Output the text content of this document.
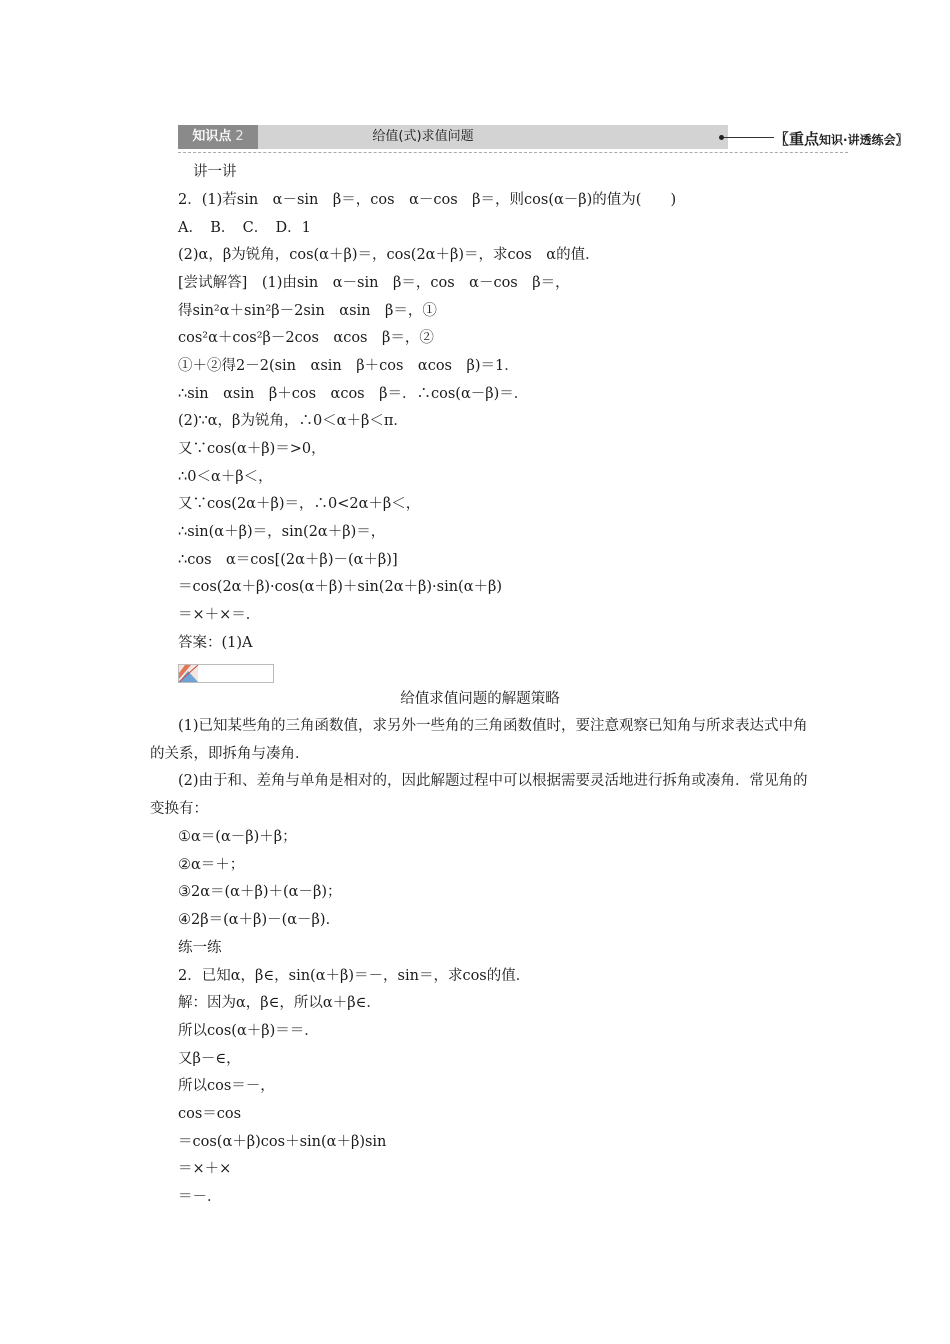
知识点 2	给值(式)求值问题	〖重点知识·讲透练会〗
讲一讲
2．(1)若sin　α－sin　β＝，cos　α－cos　β＝，则cos(α－β)的值为(　　)
A．　B．　C．　D．1
(2)α，β为锐角，cos(α＋β)＝，cos(2α＋β)＝，求cos　α的值．
[尝试解答]　(1)由sin　α－sin　β＝，cos　α－cos　β＝，
得sin²α＋sin²β－2sin　αsin　β＝，①
cos²α＋cos²β－2cos　αcos　β＝，②
①＋②得2－2(sin　αsin　β＋cos　αcos　β)＝1．
∴sin　αsin　β＋cos　αcos　β＝．∴cos(α－β)＝．
(2)∵α，β为锐角，∴0＜α＋β＜π．
又∵cos(α＋β)＝>0，
∴0＜α＋β＜，
又∵cos(2α＋β)＝，∴0<2α＋β＜，
∴sin(α＋β)＝，sin(2α＋β)＝，
∴cos　α＝cos[(2α＋β)－(α＋β)]
＝cos(2α＋β)·cos(α＋β)＋sin(2α＋β)·sin(α＋β)
＝×＋×＝．
答案：(1)A
给值求值问题的解题策略
(1)已知某些角的三角函数值，求另外一些角的三角函数值时，要注意观察已知角与所求表达式中角的关系，即拆角与凑角．
(2)由于和、差角与单角是相对的，因此解题过程中可以根据需要灵活地进行拆角或凑角．常见角的变换有：
①α＝(α－β)＋β；
②α＝＋；
③2α＝(α＋β)＋(α－β)；
④2β＝(α＋β)－(α－β)．
练一练
2．已知α，β∈，sin(α＋β)＝－，sin＝，求cos的值．
解：因为α，β∈，所以α＋β∈．
所以cos(α＋β)＝＝．
又β－∈，
所以cos＝－，
cos＝cos
＝cos(α＋β)cos＋sin(α＋β)sin
＝×＋×
＝－．
